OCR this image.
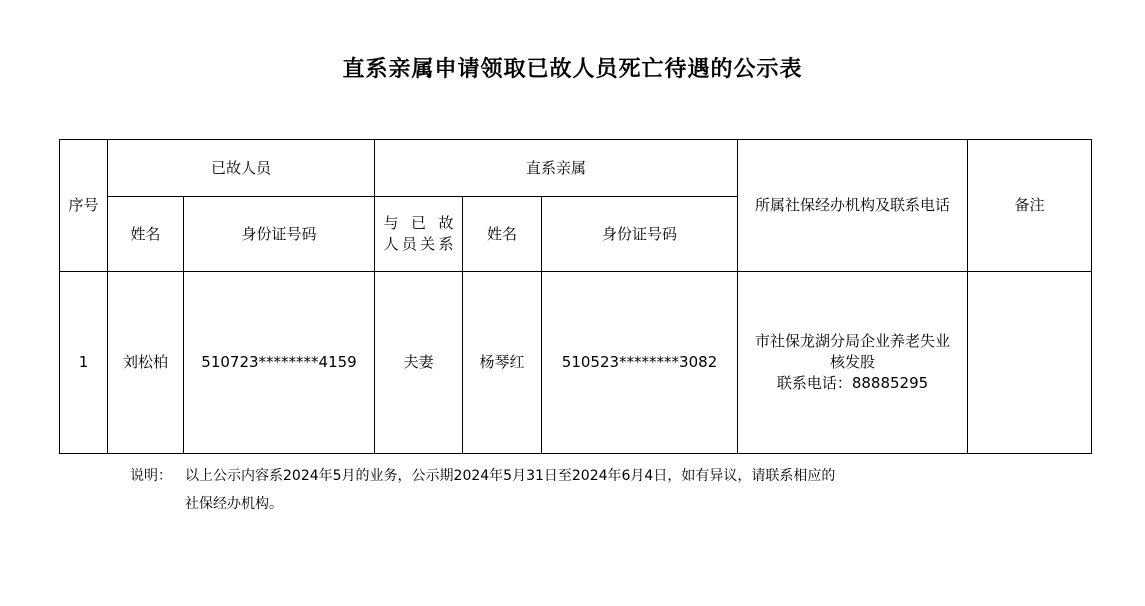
直系亲属申请领取已故人员死亡待遇的公示表
序号	已故人员		直系亲属			所属社保经办机构及联系电话	备注
	姓名	身份证号码	与 已 故
人员关系	姓名	身份证号码		
1	刘松柏	510723********4159	夫妻	杨琴红	510523********3082	市社保龙湖分局企业养老失业
核发股
联系电话：88885295	

说明： 以上公示内容系2024年5月的业务，公示期2024年5月31日至2024年6月4日，如有异议，请联系相应的
社保经办机构。
